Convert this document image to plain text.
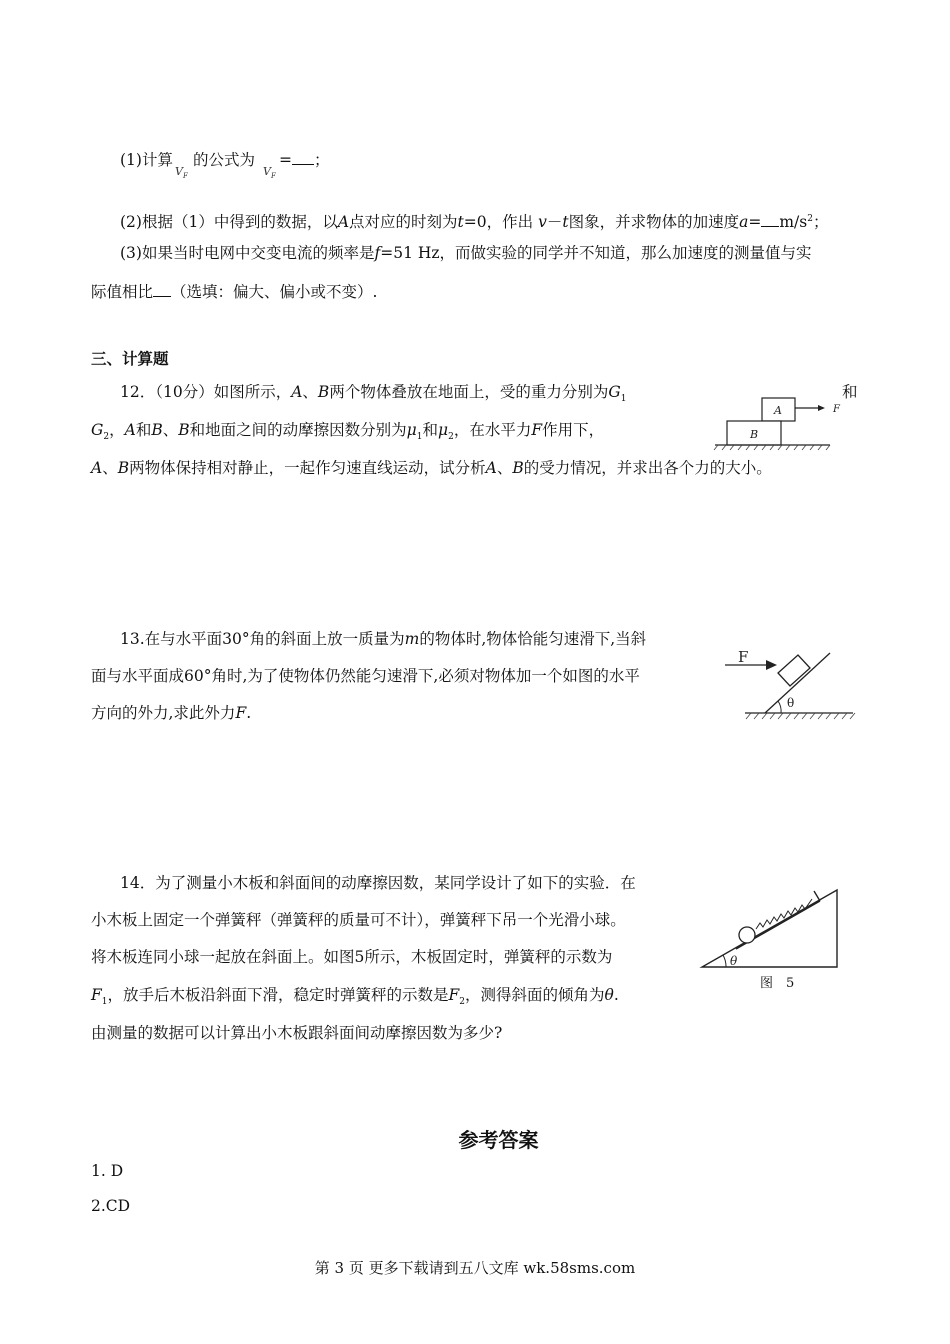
(1)计算 的公式为 = ；
$V_F$	$V_F$
(2)根据（1）中得到的数据，以A点对应的时刻为t=0，作出 v－t图象，并求物体的加速度$a= m/s^2$；
(3)如果当时电网中交变电流的频率是f=51 Hz，而做实验的同学并不知道，那么加速度的测量值与实
际值相比 （选填：偏大、偏小或不变）.
三、计算题
12．（10分）如图所示，A、B两个物体叠放在地面上，受的重力分别为$G_1$	和
$G_2$，A和B、B和地面之间的动摩擦因数分别为$\mu_1$和$\mu_2$，在水平力F作用下，
A、B两物体保持相对静止，一起作匀速直线运动，试分析A、B的受力情况，并求出各个力的大小。
A
B
F
13.在与水平面30°角的斜面上放一质量为m的物体时,物体恰能匀速滑下,当斜
面与水平面成60°角时,为了使物体仍然能匀速滑下,必须对物体加一个如图的水平
方向的外力,求此外力F.
F
θ
14．为了测量小木板和斜面间的动摩擦因数，某同学设计了如下的实验．在
小木板上固定一个弹簧秤（弹簧秤的质量可不计），弹簧秤下吊一个光滑小球。
将木板连同小球一起放在斜面上。如图5所示，木板固定时，弹簧秤的示数为
$F_1$，放手后木板沿斜面下滑，稳定时弹簧秤的示数是$F_2$，测得斜面的倾角为θ.
由测量的数据可以计算出小木板跟斜面间动摩擦因数为多少?
θ
图　5
参考答案
1. D
2.CD
第 3 页 更多下载请到五八文库 wk.58sms.com
